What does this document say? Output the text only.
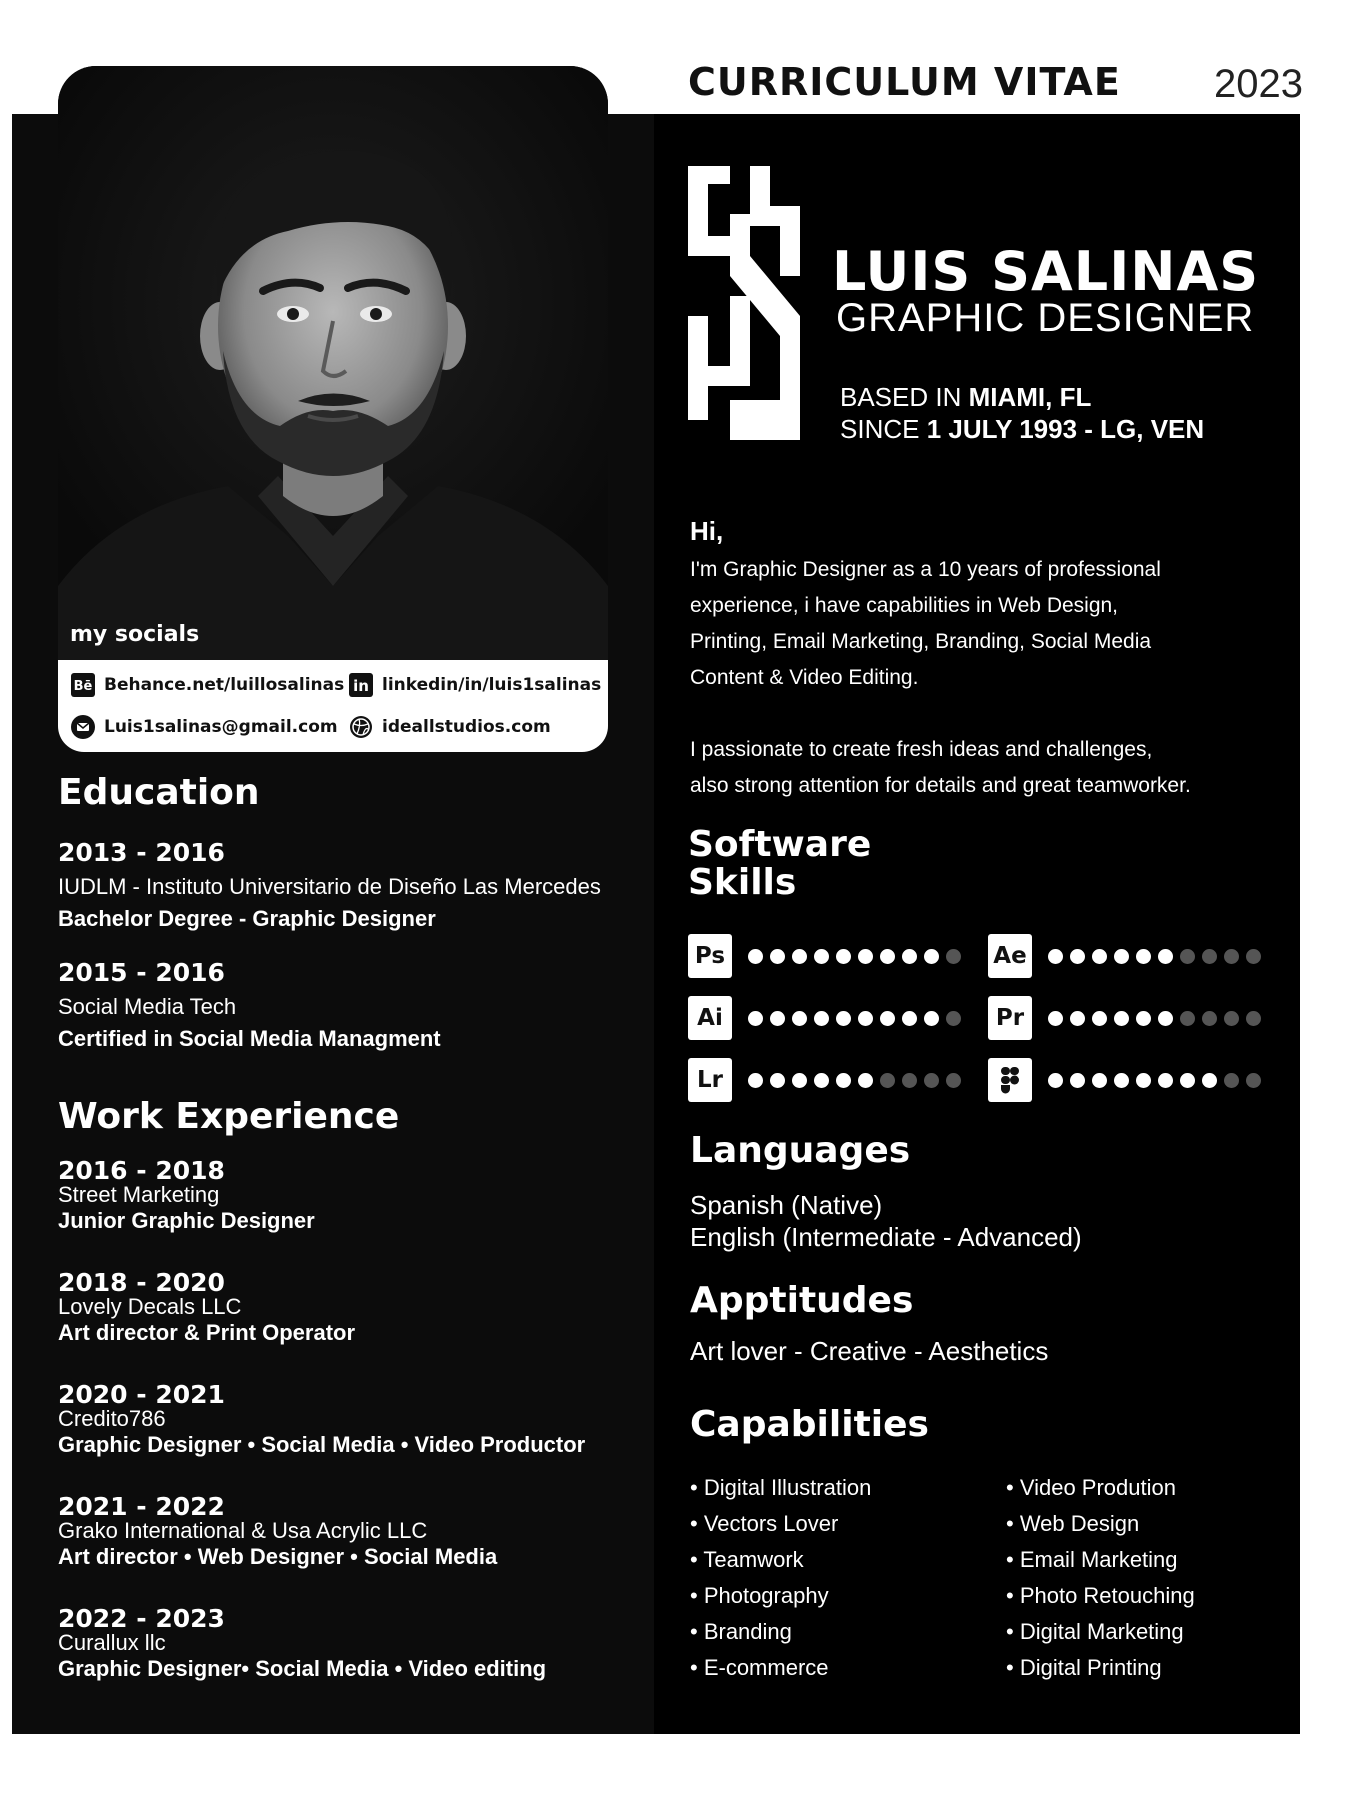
CURRICULUM VITAE 2023
my socials
Bē Behance.net/luillosalinas in linkedin/in/luis1salinas
Luis1salinas@gmail.com	ideallstudios.com
Education
2013 - 2016
IUDLM - Instituto Universitario de Diseño Las Mercedes
Bachelor Degree - Graphic Designer
2015 - 2016
Social Media Tech
Certified in Social Media Managment
Work Experience
2016 - 2018
Street Marketing
Junior Graphic Designer
2018 - 2020
Lovely Decals LLC
Art director & Print Operator
2020 - 2021
Credito786
Graphic Designer • Social Media • Video Productor
2021 - 2022
Grako International & Usa Acrylic LLC
Art director • Web Designer • Social Media
2022 - 2023
Curallux llc
Graphic Designer• Social Media • Video editing
LUIS SALINAS
GRAPHIC DESIGNER
BASED IN MIAMI, FL
SINCE 1 JULY 1993 - LG, VEN
Hi,
I'm Graphic Designer as a 10 years of professional
experience, i have capabilities in Web Design,
Printing, Email Marketing, Branding, Social Media
Content & Video Editing.
I passionate to create fresh ideas and challenges,
also strong attention for details and great teamworker.
Software
Skills
Ps	Ae
Ai	Pr
Lr
Languages
Spanish (Native)
English (Intermediate - Advanced)
Apptitudes
Art lover - Creative - Aesthetics
Capabilities
• Digital Illustration
• Vectors Lover
• Teamwork
• Photography
• Branding
• E-commerce
• Video Prodution
• Web Design
• Email Marketing
• Photo Retouching
• Digital Marketing
• Digital Printing
